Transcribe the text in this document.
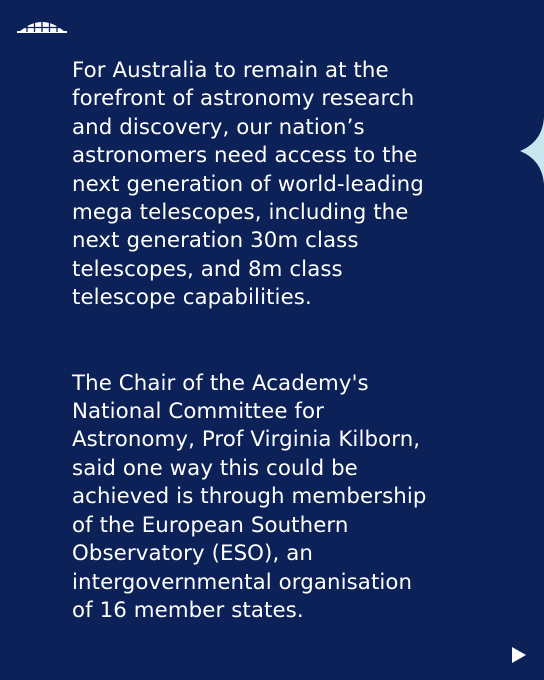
For Australia to remain at the
forefront of astronomy research
and discovery, our nation’s
astronomers need access to the
next generation of world-leading
mega telescopes, including the
next generation 30m class
telescopes, and 8m class
telescope capabilities.

The Chair of the Academy's
National Committee for
Astronomy, Prof Virginia Kilborn,
said one way this could be
achieved is through membership
of the European Southern
Observatory (ESO), an
intergovernmental organisation
of 16 member states.
